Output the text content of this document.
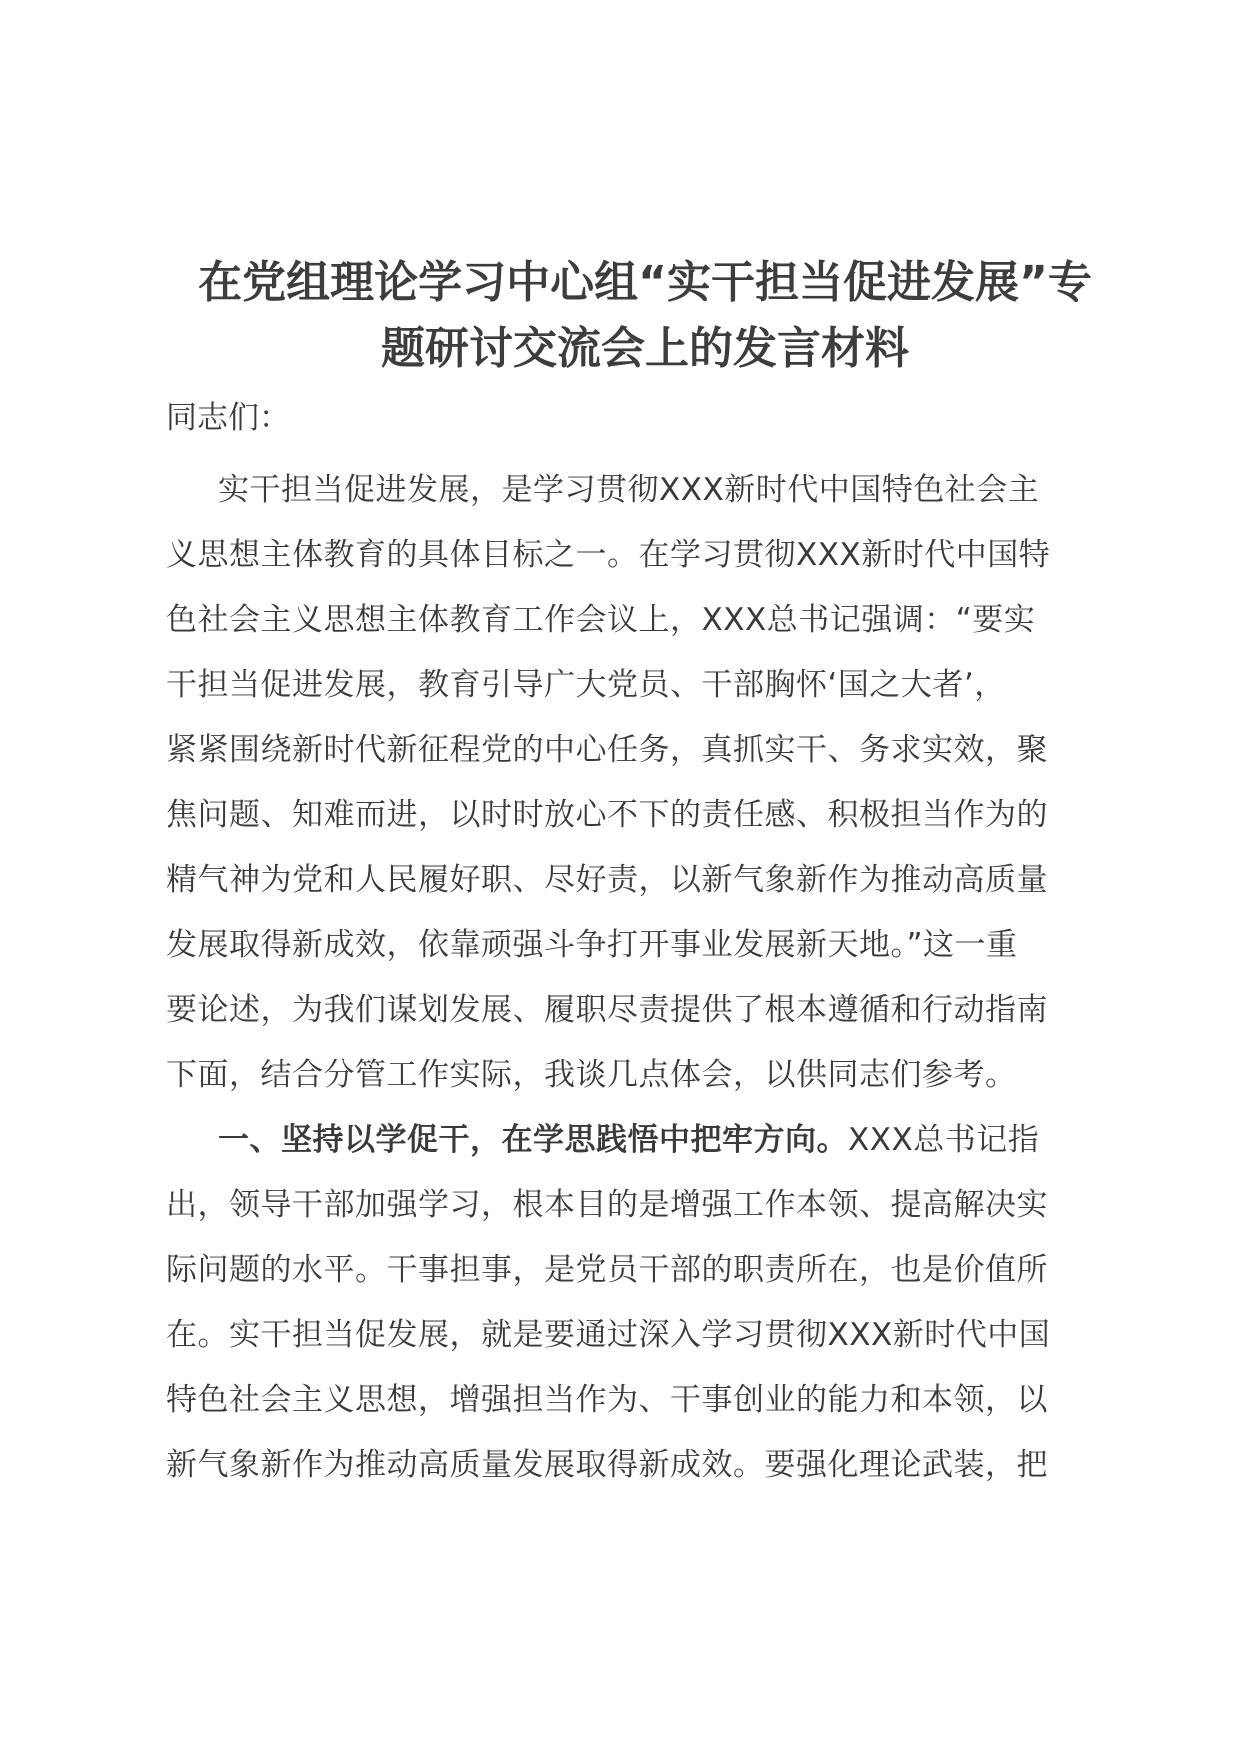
在党组理论学习中心组“实干担当促进发展”专
题研讨交流会上的发言材料

同志们：

实干担当促进发展，是学习贯彻XXX新时代中国特色社会主
义思想主体教育的具体目标之一。在学习贯彻XXX新时代中国特
色社会主义思想主体教育工作会议上，XXX总书记强调：“要实
干担当促进发展，教育引导广大党员、干部胸怀‘国之大者’，
紧紧围绕新时代新征程党的中心任务，真抓实干、务求实效，聚
焦问题、知难而进，以时时放心不下的责任感、积极担当作为的
精气神为党和人民履好职、尽好责，以新气象新作为推动高质量
发展取得新成效，依靠顽强斗争打开事业发展新天地。”这一重
要论述，为我们谋划发展、履职尽责提供了根本遵循和行动指南
下面，结合分管工作实际，我谈几点体会，以供同志们参考。
一、坚持以学促干，在学思践悟中把牢方向。XXX总书记指
出，领导干部加强学习，根本目的是增强工作本领、提高解决实
际问题的水平。干事担事，是党员干部的职责所在，也是价值所
在。实干担当促发展，就是要通过深入学习贯彻XXX新时代中国
特色社会主义思想，增强担当作为、干事创业的能力和本领，以
新气象新作为推动高质量发展取得新成效。要强化理论武装，把
